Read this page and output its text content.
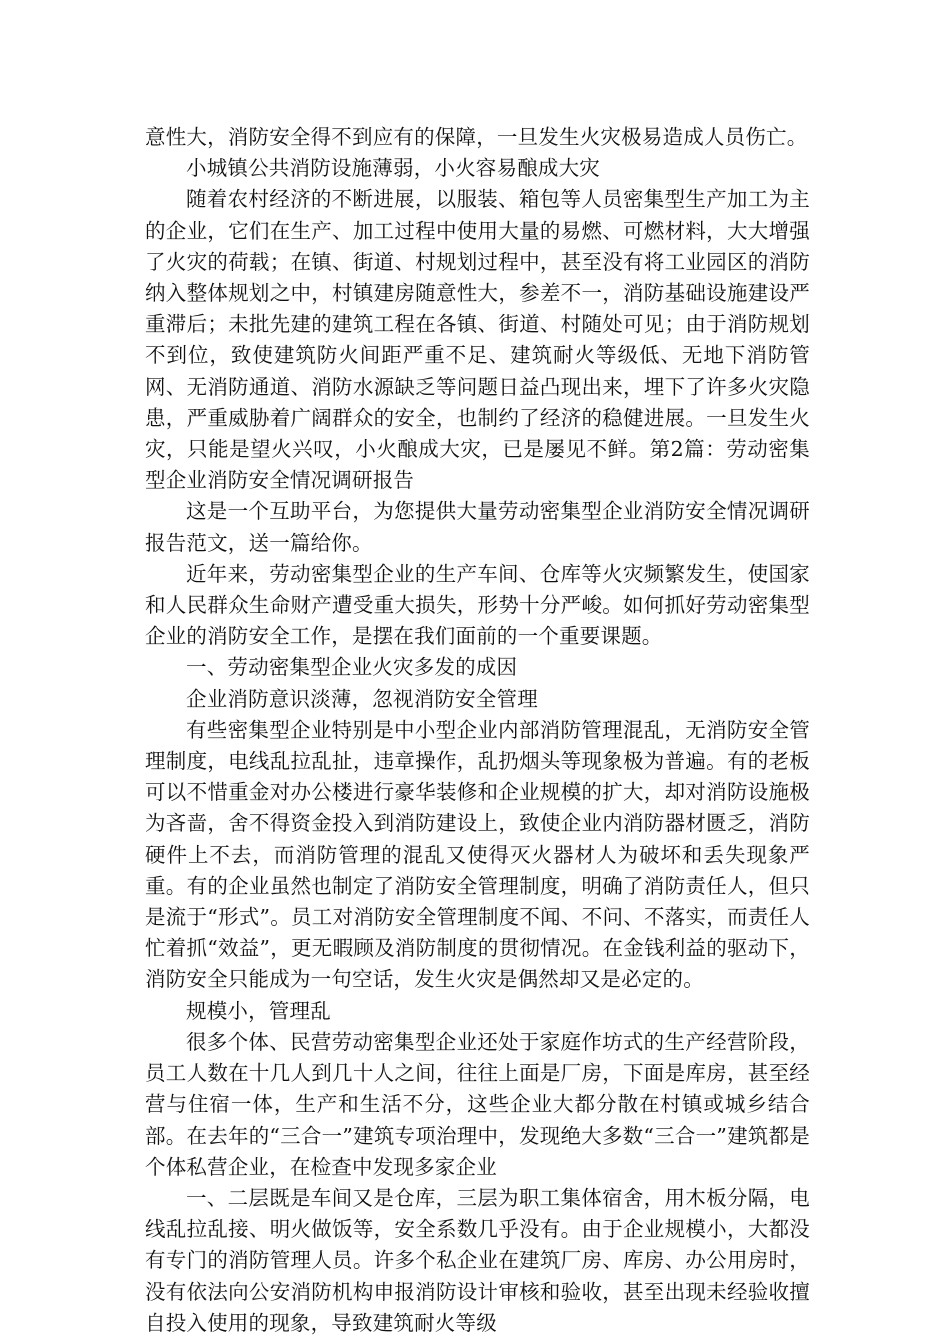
意性大，消防安全得不到应有的保障，一旦发生火灾极易造成人员伤亡。

小城镇公共消防设施薄弱，小火容易酿成大灾

随着农村经济的不断进展，以服装、箱包等人员密集型生产加工为主的企业，它们在生产、加工过程中使用大量的易燃、可燃材料，大大增强了火灾的荷载；在镇、街道、村规划过程中，甚至没有将工业园区的消防纳入整体规划之中，村镇建房随意性大，参差不一，消防基础设施建设严重滞后；未批先建的建筑工程在各镇、街道、村随处可见；由于消防规划不到位，致使建筑防火间距严重不足、建筑耐火等级低、无地下消防管网、无消防通道、消防水源缺乏等问题日益凸现出来，埋下了许多火灾隐患，严重威胁着广阔群众的安全，也制约了经济的稳健进展。一旦发生火灾，只能是望火兴叹，小火酿成大灾，已是屡见不鲜。第2篇：劳动密集型企业消防安全情况调研报告

这是一个互助平台，为您提供大量劳动密集型企业消防安全情况调研报告范文，送一篇给你。

近年来，劳动密集型企业的生产车间、仓库等火灾频繁发生，使国家和人民群众生命财产遭受重大损失，形势十分严峻。如何抓好劳动密集型企业的消防安全工作，是摆在我们面前的一个重要课题。

一、劳动密集型企业火灾多发的成因

企业消防意识淡薄，忽视消防安全管理

有些密集型企业特别是中小型企业内部消防管理混乱，无消防安全管理制度，电线乱拉乱扯，违章操作，乱扔烟头等现象极为普遍。有的老板可以不惜重金对办公楼进行豪华装修和企业规模的扩大，却对消防设施极为吝啬，舍不得资金投入到消防建设上，致使企业内消防器材匮乏，消防硬件上不去，而消防管理的混乱又使得灭火器材人为破坏和丢失现象严重。有的企业虽然也制定了消防安全管理制度，明确了消防责任人，但只是流于“形式”。员工对消防安全管理制度不闻、不问、不落实，而责任人忙着抓“效益”，更无暇顾及消防制度的贯彻情况。在金钱利益的驱动下，消防安全只能成为一句空话，发生火灾是偶然却又是必定的。

规模小，管理乱

很多个体、民营劳动密集型企业还处于家庭作坊式的生产经营阶段，员工人数在十几人到几十人之间，往往上面是厂房，下面是库房，甚至经营与住宿一体，生产和生活不分，这些企业大都分散在村镇或城乡结合部。在去年的“三合一”建筑专项治理中，发现绝大多数“三合一”建筑都是个体私营企业，在检查中发现多家企业

一、二层既是车间又是仓库，三层为职工集体宿舍，用木板分隔，电线乱拉乱接、明火做饭等，安全系数几乎没有。由于企业规模小，大都没有专门的消防管理人员。许多个私企业在建筑厂房、库房、办公用房时，没有依法向公安消防机构申报消防设计审核和验收，甚至出现未经验收擅自投入使用的现象，导致建筑耐火等级
